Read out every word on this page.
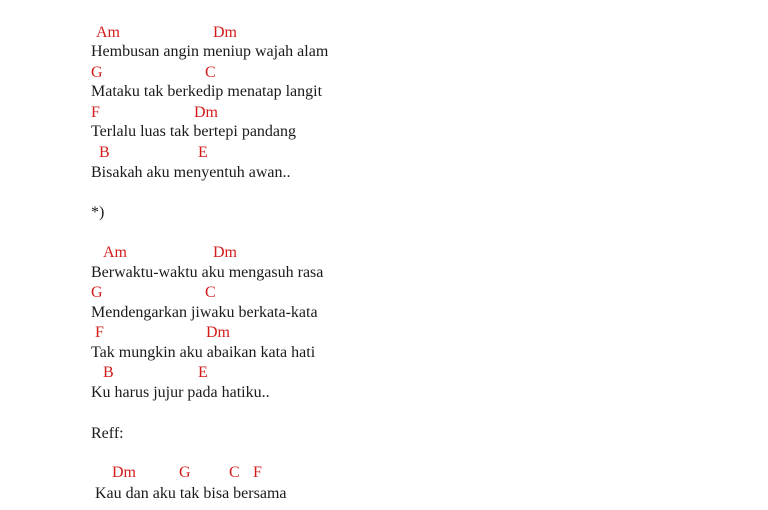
Am	Dm

Hembusan angin meniup wajah alam

G	C

Mataku tak berkedip menatap langit

F	Dm

Terlalu luas tak bertepi pandang

B	E

Bisakah aku menyentuh awan..

*)

Am	Dm

Berwaktu-waktu aku mengasuh rasa

G	C

Mendengarkan jiwaku berkata-kata

F	Dm

Tak mungkin aku abaikan kata hati

B	E

Ku harus jujur pada hatiku..

Reff:

Dm	G C F

Kau dan aku tak bisa bersama
